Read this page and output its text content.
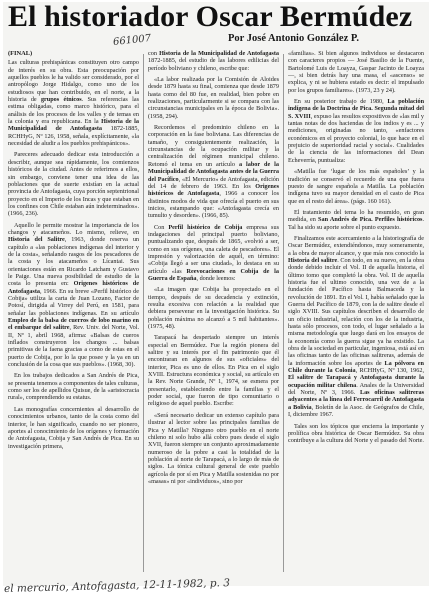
El historiador Oscar Bermúdez
661007	Por José Antonio González P.
(FINAL)

Las culturas prehispánicas constituyen otro campo de interés en su obra. Esta preocupación por aquellos pueblos le ha valido ser considerado, por el antropólogo Jorge Hidalgo, como uno de los estudiosos que han contribuido, en el norte, a la historia de grupos étnicos. Sus referencias las estima obligadas, como marco histórico, para el análisis de los procesos de los valles y de temas en la colonia y era republicana. En la Historia de la Municipalidad de Antofagasta 1872-1885, RCHHyG, Nº 126, 1958, señala, explícitamente, «la necesidad de aludir a los pueblos prehispánicos».

Pareceres adecuado dedicar esta introducción a describir, aunque sea rápidamente, los comienzos históricos de la ciudad. Antes de referirnos a ellos, sin embargo, conviene tener una idea de las poblaciones que de suerte existían en la actual provincia de Antofagasta, cuya porción septentrional proyecto en el Imperio de los Incas y que estaban en los confines con Chile estaban aún indeterminados». (1966, 236).

Aquello le permite mostrar la importancia de los changos y atacameños. Lo mismo, relieve, en Historia del Salitre, 1963, donde reserva un capítulo a «las poblaciones indígenas del interior y de la costa», señalando rasgos de los pescadores de la costa y los atacameños o Lícantai. Sus orientaciones están en Ricardo Latcham y Gustavo le Paige. Una nueva posibilidad de estudio de la costa lo presenta en: Origenes históricos de Antofagasta, 1966. En su breve «Perfil histórico de Cobija» utiliza la carta de Juan Lozano, Factor de Potosí, dirigida al Virrey del Perú, en 1581, para señalar las poblaciones indígenas. En su artículo Empleo de la balsa de cuerros de lobo marino en el embarque del salitre, Rev. Univ. del Norte, Vol. II, Nº 1, abril 1968, afirma: «Balsas de cueros inflados construyeron los changos ... balsas primitivas de la faena gracias a como de estas en el puerto de Cobija, por lo la que posee y la ya en un conclusión de la cosa que sus pueblos». (1968, 30).

En los trabajos dedicados a San Andrés de Pica, se presenta tenemos a componentes de tales culturas, como ser los de apellidos Quisue, de la «aristocracia rural», comprendiendo su estatus.

Las monografías concernientes al desarrollo de conocimientos urbanos, tanto de la costa como del interior, le han significado, cuando no ser pionero, aportes al conocimiento de los orígenes y formación de Antofagasta, Cobija y San Andrés de Pica. En su investigación primera,

con Historia de la Municipalidad de Antofagasta 1872-1885, del estudio de las labores edilicias del período boliviano y chileno, escribe que:

«La labor realizada por la Comisión de Aloides desde 1879 hasta su final, comienza que desde 1879 hasta como del 80 fue, en realidad, bien pobre en realizaciones, particularmente si se compara con las circunstancias municipales en la época de Bolivia». (1958, 294).

Recordemos el predominio chileno en la corporación en la fase boliviana. Las diferencias de tamaño, y consiguientemente realización, la circunstancias de la ocupación militar y la centralización del régimen municipal chileno. Retomó el tema en un artículo a labor de la Municipalidad de Antofagasta antes de la Guerra del Pacífico, «El Mercurio» de Antofagasta, edición del 14 de febrero de 1963. En los Origenes históricos de Antofagasta, 1966 a conocer los distintos modos de vida que ofrecía el puerto en sus inicios, estampando que: «Antofagasta crecía en tumulto y desorden». (1966, 85).

Con Perfil histórico de Cobija empresa sus indagaciones del principal puerto boliviano, puntualizando que, después de 1865, «volvió a ser, como en sus orígenes, una caleta de pescadores». El impresión y valorización de aquél, en término: «Cobija llegó a ser una ciudad», lo destaca en su artículo «las Reevocaciones en Cobija de la Guerra de España, donde leemos:

«La imagen que Cobija ha proyectado en el tiempo, después de su decadencia y extinción, resulta excesiva con relación a la realidad que debiera perseverar en la investigación histórica. Su población máxima no alcanzó a 5 mil habitantes». (1975, 48).

Tarapacá ha despertado siempre un interés especial en Bermúdez. Fue la región pionera del salitre y su interés por el fin patrimonio que él encontraran en algunos de sus «oficiales» del interior, Pica es uno de ellos. En Pica en el siglo XVIII. Estructura económica y social, su artículo en la Rev. Norte Grande, Nº 1, 1974, se esmera por presentarlo, estableciendo entre la familias y el poder social, que fueron de tipo comunitario o religioso de aquel pueblo. Escribe:

«Será necesario dedicar un extenso capítulo para ilustrar al lector sobre las principales familias de Pica y Matilla? Ninguno otro pueblo en el norte chileno ni solo hubo allá cobro pues desde el siglo XVII, fueron siempre un conjunto aproximadamente numeroso de la pobre a casi la totalidad de la población al norte de Tarapacá, a lo largo de más de siglos. La tónica cultural general de este pueblo agrícola de por sí en Pica y Matilla sostenidas no por «masas» ni por «individuos», sino por

«familias». Si bien algunos individuos se destacaron con caracteres propios — José Basilio de la Fuente, Bartolomé Luis de Loayza, Gaspar Jacinto de Loayza —, si bien detrás hay una masa, el «ascenso» se explica, y ni se hubiera estado es decir: el impulsado por los grupos familiares». (1973, 23 y 24).

En su posterior trabajo de 1980, La población indígena de la Doctrina de Pica. Segunda mitad del S. XVIII, expuso las resultos expositivos de «las mil y tantas notas de dos haciendas de los indios y es ... y mediciones, originadas no tanto, «enfactores económicos en el proyecto colonial, lo que hace en el prejuicio de superioridad racial y social». Cualidades de la ciencia de las informaciones del Dean Echeverría, puntualiza:

«Matilla fue ‘lugar de los más españoles’ y la tradición se conservó el recuerdo de una que fuera puesto de sangre española a Matilla. La población indígena tuvo su mayor densidad en el casto de Pica que en el resto del área». (págs. 160 161).

El tratamiento del tema lo ha resumido, en gran medida, en San Andrés de Pica. Perfiles históricos. Tal ha sido su aporte sobre el punto expuesto.

Finalizamos este acercamiento a la historiografía de Oscar Bermúdez, extendiéndonos, muy someramente, a la obra de mayor alcance, y que más nos conocido la Historia del salitre. Con todo, en su nuevo, en la obra donde debido incluir el Vol. II de aquella historia, el último tomo que completó la obra. Vol. II de aquella historia fue el ultimo conocido, una vez de a la fundación del Pacífico hasta Balmaceda y la revolución de 1891. En el Vol. I, había señalado que la Guerra del Pacífico de 1879, con la de salitre desde el siglo XVIII. Sus capítulos describen el desarrollo de un oficio industrial, relación con los de la industria, hasta sólo procesos, con todo, el lugar señalado a la misma metodología que luego dará en los ensayos de la economía como la guerra sigue ya ha existido. La obra de la sociedad en particular, ingeniosa, está así en las oficinas tanto de las oficinas salitreras, además de la información sobre los aportes de La pólvora en Chile durante la Colonia, RCHHyG, Nº 130, 1962, El salitre de Tarapacá y Antofagasta durante la ocupación militar chilena. Anales de la Universidad del Norte, Nº 3, 1966. Las oficinas salitreras adyacentes a la línea del Ferrocarril de Antofagasta a Bolivia, Boletín de la Asoc. de Geógrafos de Chile, I, diciembre 1967.

Tales son los tópicos que encierra la importante y prolífica obra histórica de Oscar Bermúdez. Su obra contribuye a la cultura del Norte y el pasado del Norte.

el mercurio, Antofagasta, 12-11-1982, p. 3
